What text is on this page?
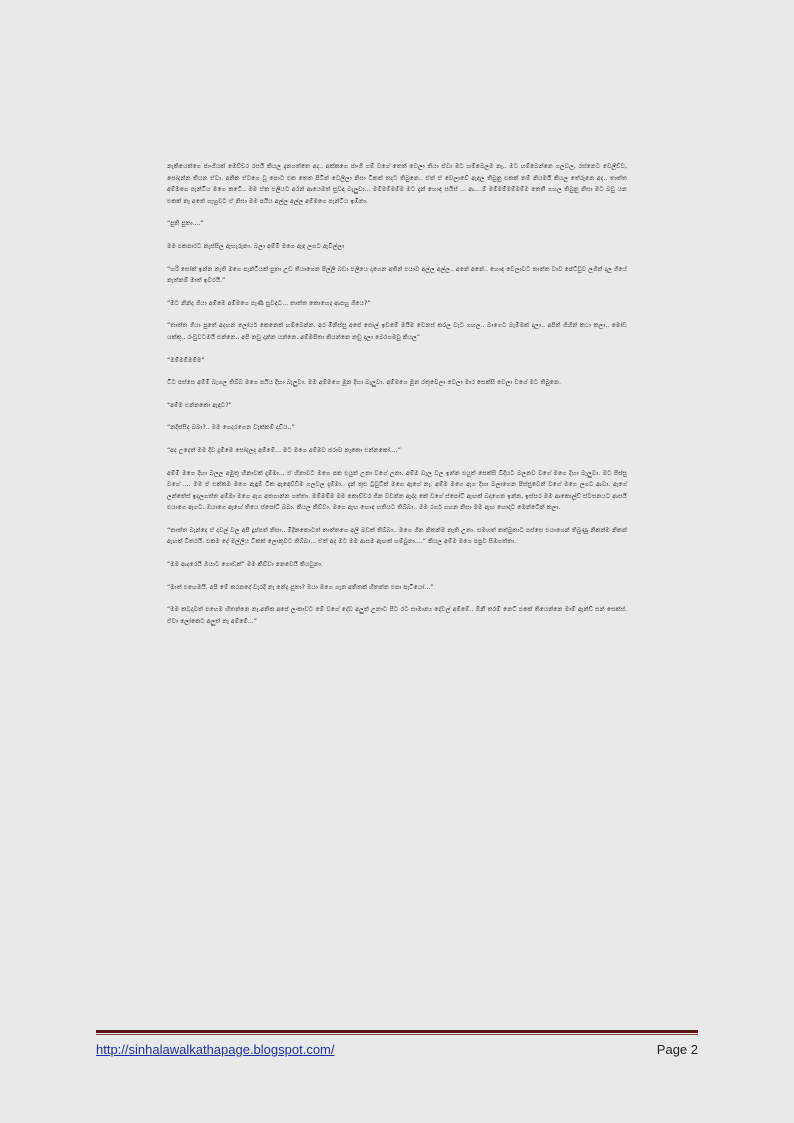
නැකියෙක්ගෙ ජාංගියක් මෙච්චර රසයි කියල දැනගත්තෙ අද.. අක්කගෙ ජාංගි ගම් වගේ තෙත් වෙලා තියා ඒවා මට හම්බෙලම නෑ.. මට හම්බෙන්නෙ ගලවල, රස්නෙට වෙලිච්ච, සෝදන්න තියන ඒවා. අනික ඒවගෙ වූ පොට එක තෙත පිටින් වෙලිලා නිසා ටිකක් තදට තිබුනෙ.. ඒත් ඒ වෙලාවේ ඇඳල තිබුනු එකක් නම් නියමයි කියල තේරුනෙ අද.. තාත්ත අම්මගෙ පැන්ටිය මගෙ කටේ.. මම ඒක එලියට අරන් ආයෙමත් සුවඳ බැලුවා... මම්මම්මම්ම මට දැන් හොඳ සයිස් ... ආ....ම් මම්මම්මම්මම්ම තෙතී ගහල තිබුනු නිසා මට බඩු යන එකක් නෑ අතේ ගැහුවට ඒ නිසා මම පයිය අල්ල අල්ල අම්මගෙ පැන්ටිය ඉඹිනා.

“පුති පුතා....”

මම එකපාරට නැස්සිල ඇහැරුනා. බලා අම්මි මගෙ ඇඳ ලගට ඇවිල්ලා

“හරි සෝක් ඉන්න නැති මගෙ පැන්ටියක් පුතා උඩ තියාගෙන පිල්ලි බඩා එලියෙ දාගෙන අතින් එයාව අල්ල අල්ල.. අනේ අනේ.. හොඳ වෙලාවට තාත්ත වාව පේට්වුව ලගින් දාල ගියේ නැත්නම් මාත් ඉවරයි.”

“මට නින්ද ගියා අම්මෙ අම්මගෙ පැණි සුවඳට... තාත්ත කොහෙද ආපහු ගියෙ?”

“තාත්ත ගියා පුතේ අදහන ලෝයර් කෙනෙක් හම්බෙන්න. අර මිනිස්සු අපේ පොල් ඉඩමේ මයිම වෙනස් කරල වැට ගහල.. බාගෙට බැමීමක් දාලා.. අපිත් ගිහින් කථා කලා.. මෝඩ යක්කු.. රංඩුවටමයි එන්නෙ.. අපි නඩු දාන්න යන්නෙ. අම්මපිතා කියන්නෙ නඩු දාලා බෙරගමවු කියල”

“මම්මම්මම්ම”

ටිට පස්සෙ අම්මි බැගල තිබ්බ මගෙ පයිය දිහා බැලුවා. මම අම්මගෙ මූන දිහා බැලුවා. අම්මගෙ මූන රතුවෙලා වෙලා මාර සෙක්සි වෙලා වගේ මට තිබුනෙ.

“අම්ම එන්නකො ඇඳට?”

“නදිස්සිද බබා?.. මම ගෙදරගෙන වැක්කම් දාඩිය..”

“අද උදෙත් මම දිව දැම්මෙ සෝදලද අම්මේ... මට මගෙ අම්මව ජරාව නෑකො එන්නකෝ....”

අම්මි මගෙ දිහා බලල අමුතු හිනාවක් දැම්මා... ඒ හිනාවට මගෙ පක එයුත් උනා වගේ උනා. අම්ම වැල වල ඉන්න එයුත් සෙක්සි විදියට බලනව වගේ මගෙ දිහා බැලුවා. මට පිස්සු වගේ .... මම ඒ එක්කම මගෙ ඇඳුම් ටික ඇඳෙව්ඩීම ගලවල දැම්මා.. දැන් තුළු ට්‍රවුට්ක් මගෙ ඇගේ නෑ. අම්ම මගෙ ඇග දිහා බලාගෙන පිස්සුවෙන් වගේ මගෙ ලගට ආවා. ඇගේ ලන්තේස් ඉදලගත්ත අම්මා මගෙ ඇග අතගාන්න ගත්තා. මම්මම්ම මම කොච්චර ගින වචන්න ඇද්ද කේ වගේ ස්පෝට් ඇඟක් බදාගෙන ඉන්න, ඉස්සර මම ආකොල්ඩ් ස්වසනයට ආසයි එයාගෙ ඇගට. ඔයාගෙ ඇඟේ තියෙ ස්පෝට් බබා. කියල කිව්වා. මගෙ ඇඟ හොඳ හතියට තිබ්බා.. මම රගර් ගහන නිසා මම ඇඟ හොදට මෙන්ටේන් කලා.

“තාත්ත බැන්දෙ ඒ දවල් වල අපි දුප්පත් නිසා.. මිදිනකොටත් තාත්තගෙ අලි බඩක් තිබ්බා.. මගෙ ගින නිකන්ම නැති උනා. සමහත් කත්බුතාට පස්සෙ එයාගෙන් තිබුණු නිකන්ම නිකන් ඇඟක් විතරයි. එකම දේ මල්ලිය ටිකක් ලොකුවට තිබ්බා... ඒත් අද මට මම ආසම ඇඟක් හම්බුනා....” කියල අම්ම මගෙ පපුව සිඹගත්තා.

“මම ආදරෙයි ඔයාට ගොඩක්” මම කිව්වා නෙවෙයි කියවුනා.

“මාත් එහෙමයි. අපි මේ කරනදේ වැරදි නෑ නේද පුතා? ඔයා මගෙ ගැන අතිතක් හිතන්න එපා පැටියෝ...”

“මම කවදාවත් එහෙම හිතන්නෙ නෑ.අනික අපේ ලංකාවට මේ වගේ දේව අලුත් උනාට පිට රට සාමාන්‍ය දේවල් අම්මේ.. ඕනී තරම් නෙට් එකේ තියෙන්නෙ මාම් ඇන්ඩ් සන් සෙක්ස්. ඒවා ලෝකෙට අලුත් නෑ අම්මේ...”

http://sinhalawalkathapage.blogspot.com/	Page 2
